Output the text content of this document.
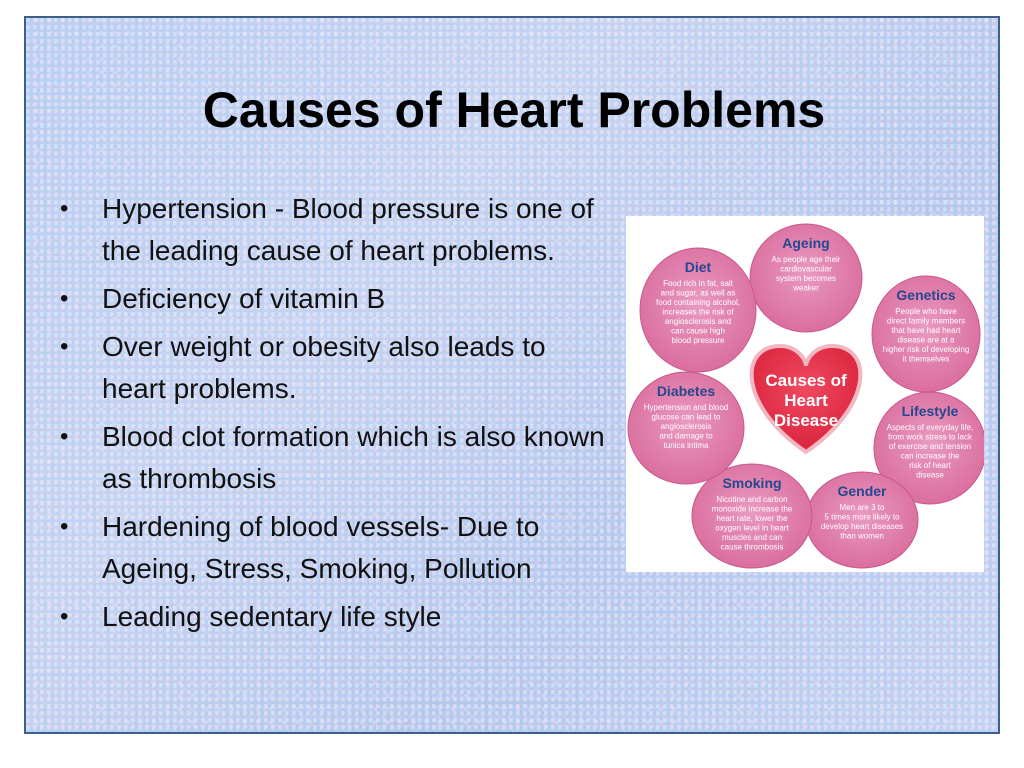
Causes of Heart Problems
• Hypertension - Blood pressure is one of the leading cause of heart problems.
• Deficiency of vitamin B
• Over weight or obesity also leads to heart problems.
• Blood clot formation which is also known as thrombosis
• Hardening of blood vessels- Due to Ageing, Stress, Smoking, Pollution
• Leading sedentary life style
Ageing
As people age their
cardiovascular
system becomes
weaker	Genetics
People who have
direct family members
that have had heart
disease are at a
higher risk of developing
it themselves
Lifestyle
Aspects of everyday life,
from work stress to lack
of exercise and tension
can increase the
risk of heart
disease
Gender
Men are 3 to
5 times more likely to
develop heart diseases
than women
Smoking
Nicotine and carbon
monoxide increase the
heart rate, lower the
oxygen level in heart
muscles and can
cause thrombosis
Diabetes
Hypertension and blood
glucose can lead to
angiosclerosis
and damage to
tunica intima
Diet
Food rich in fat, salt
and sugar, as well as
food containing alcohol,
increases the risk of
angiosclerosis and
can cause high
blood pressure
Causes of
Heart
Disease
